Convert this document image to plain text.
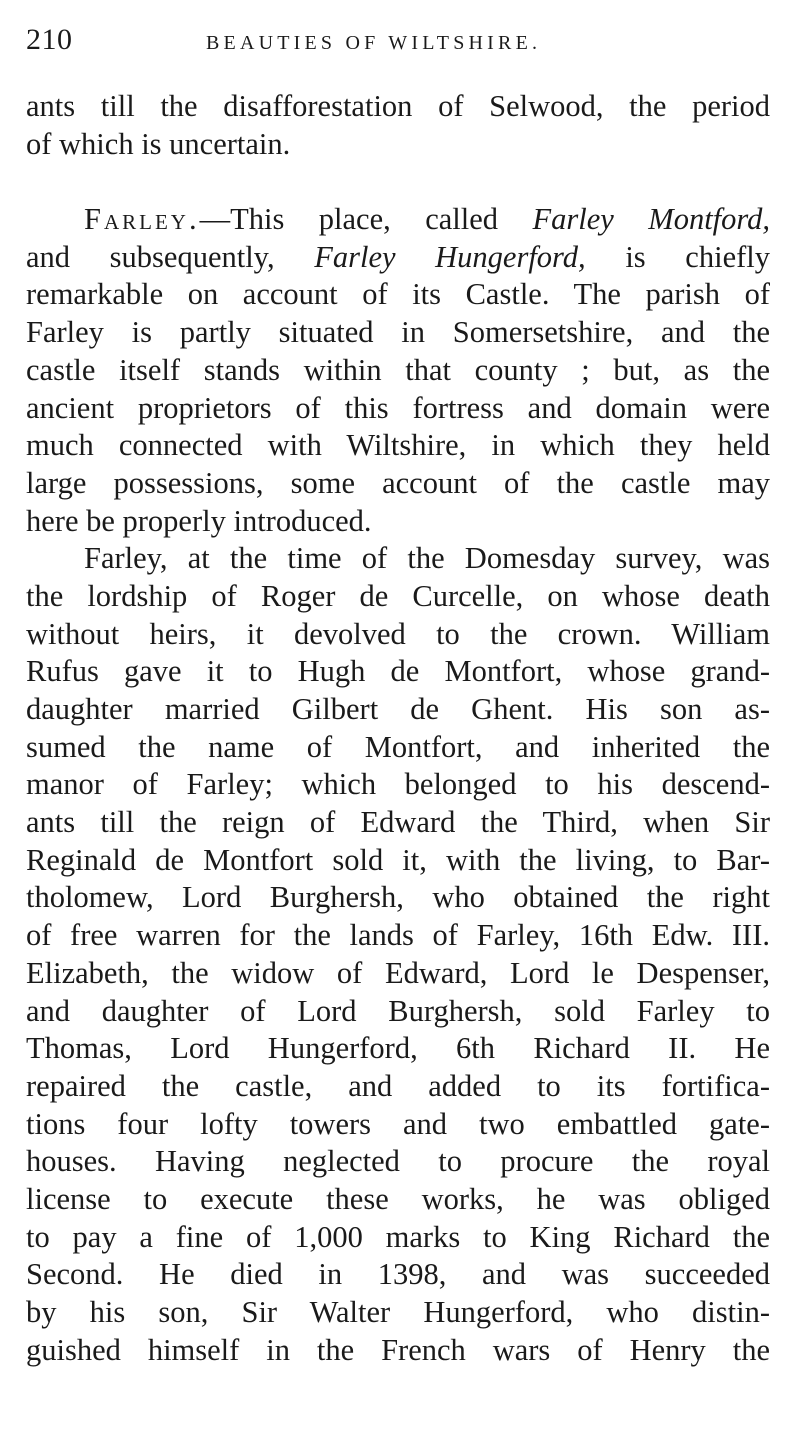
210	BEAUTIES OF WILTSHIRE.
ants till the disafforestation of Selwood, the period
of which is uncertain.
Farley.—This place, called Farley Montford,
and subsequently, Farley Hungerford, is chiefly
remarkable on account of its Castle. The parish of
Farley is partly situated in Somersetshire, and the
castle itself stands within that county ; but, as the
ancient proprietors of this fortress and domain were
much connected with Wiltshire, in which they held
large possessions, some account of the castle may
here be properly introduced.
Farley, at the time of the Domesday survey, was
the lordship of Roger de Curcelle, on whose death
without heirs, it devolved to the crown. William
Rufus gave it to Hugh de Montfort, whose grand-
daughter married Gilbert de Ghent. His son as-
sumed the name of Montfort, and inherited the
manor of Farley; which belonged to his descend-
ants till the reign of Edward the Third, when Sir
Reginald de Montfort sold it, with the living, to Bar-
tholomew, Lord Burghersh, who obtained the right
of free warren for the lands of Farley, 16th Edw. III.
Elizabeth, the widow of Edward, Lord le Despenser,
and daughter of Lord Burghersh, sold Farley to
Thomas, Lord Hungerford, 6th Richard II. He
repaired the castle, and added to its fortifica-
tions four lofty towers and two embattled gate-
houses. Having neglected to procure the royal
license to execute these works, he was obliged
to pay a fine of 1,000 marks to King Richard the
Second. He died in 1398, and was succeeded
by his son, Sir Walter Hungerford, who distin-
guished himself in the French wars of Henry the
